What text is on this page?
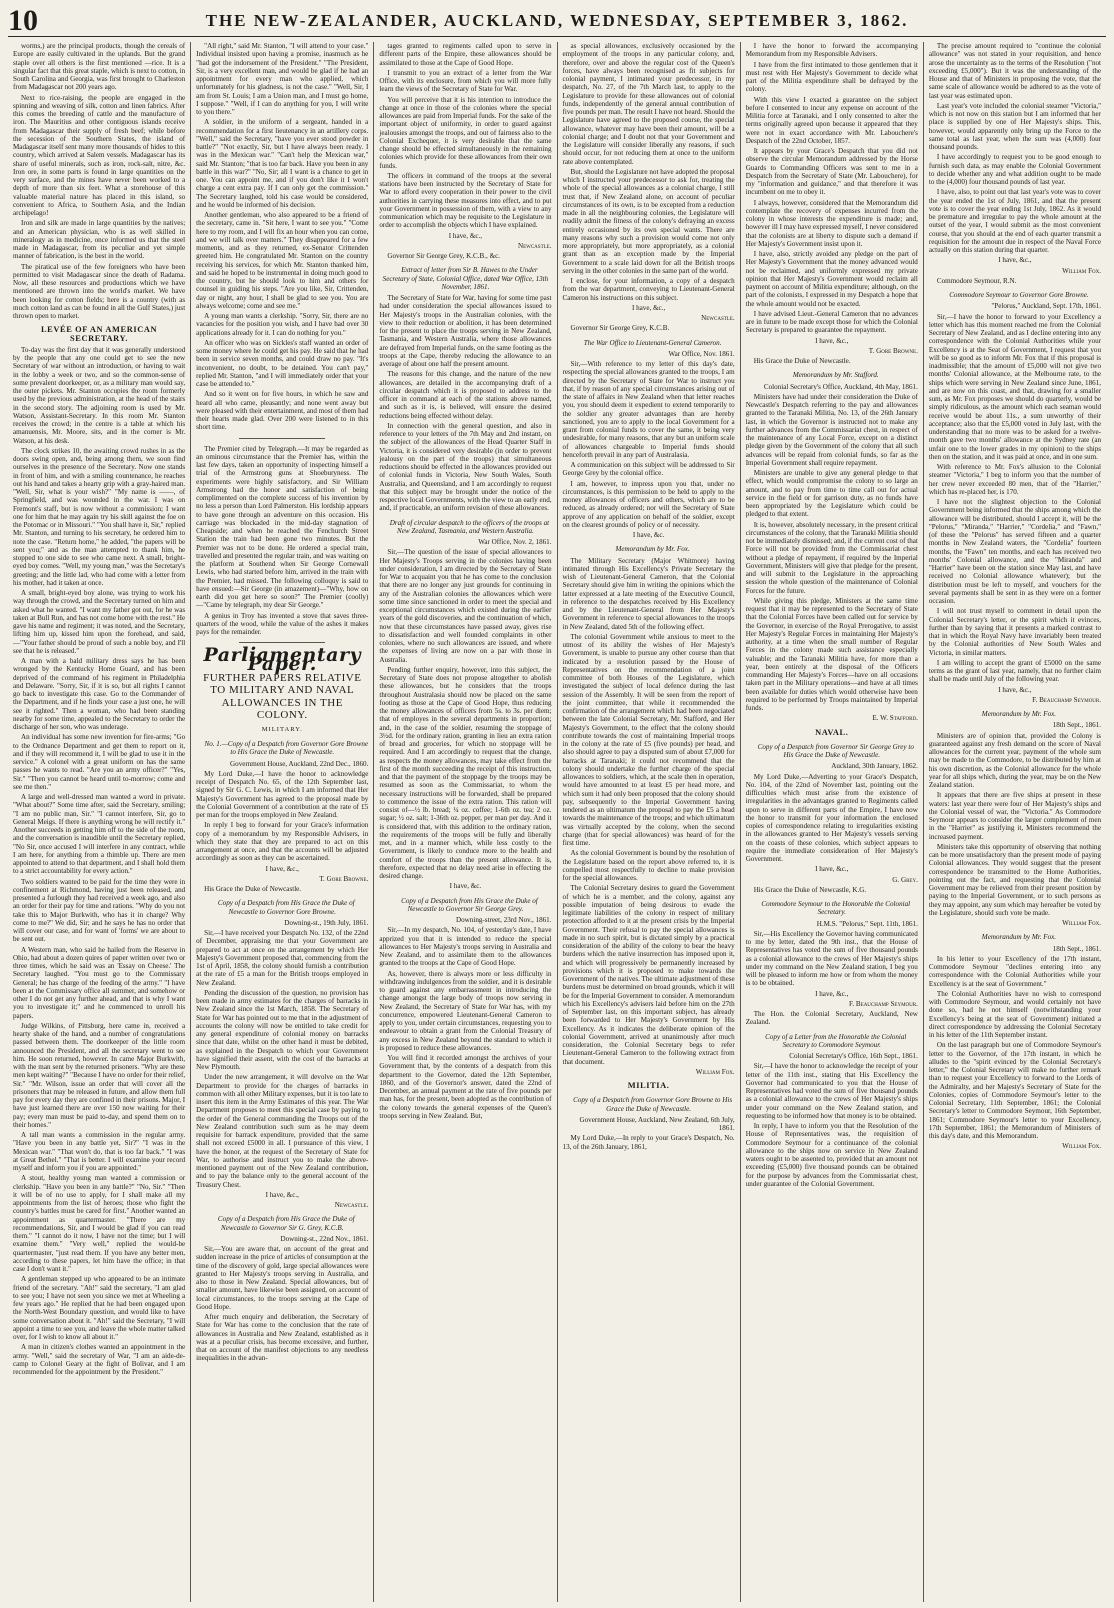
10	THE NEW-ZEALANDER, AUCKLAND, WEDNESDAY, SEPTEMBER 3, 1862.

worms,) are the principal products, though the cereals of Europe are easily cultivated in the uplands. But the grand staple over all others is the first mentioned —rice. It is a singular fact that this great staple, which is next to cotton, in South Carolina and Georgia, was first brought to Charleston from Madagascar not 200 years ago.

Next to rice-raising, the people are engaged in the spinning and weaving of silk, cotton and linen fabrics. After this comes the breeding of cattle and the manufacture of iron. The Mauritius and other contiguous islands receive from Madagascar their supply of fresh beef; while before the secession of the Southern States, the island of Madagascar itself sent many more thousands of hides to this country, which arrived at Salem vessels. Madagascar has its share of useful minerals, such as iron, rock-salt, nitre, &c. Iron ore, in some parts is found in large quantities on the very surface, and the mines have never been worked to a depth of more than six feet. What a storehouse of this valuable material nature has placed in this island, so convenient to Africa, to Southern Asia, and the Indian archipelago!

Iron and silk are made in large quantities by the natives; and an American physician, who is as well skilled in mineralogy as in medicine, once informed us that the steel made in Madagascar, from its peculiar and yet simple manner of fabrication, is the best in the world.

The piratical use of the few foreigners who have been permitted to visit Madagascar since the death of Radama. Now, all these resources and productions which we have mentioned are thrown into the world's market. We have been looking for cotton fields; here is a country (with as much cotton land as can be found in all the Gulf States,) just thrown open to market.

LEVÉE OF AN AMERICAN SECRETARY.

To-day was the first day that it was generally understood by the people that any one could get to see the new Secretary of war without an introduction, or having to wait in the lobby a week or two, and so the common-sense of some prevalent doorkeeper, or, as a military man would say, the outer pickets. Mr. Stanton occupies the room formerly used by the previous administration, at the head of the stairs in the second story. The adjoining room is used by Mr. Watson, Assistant-Secretary. In this room Mr. Stanton receives the crowd; in the centre is a table at which his amanuensis, Mr. Moore, sits, and in the corner is Mr. Watson, at his desk.

The clock strikes 10, the awaiting crowd rushes in as the doors swing open, and, being among them, we soon find ourselves in the presence of the Secretary. Now one stands in front of him, and with a smiling countenance, he reaches out his hand and takes a hearty grip with a gray-haired man. "Well, Sir, what is your wish?" "My name is ——, of Springfield, and was wounded in the war. I was on Fremont's staff, but is now without a commission; I want one for him that he may again try his skill against the foe on the Potomac or in Missouri." "You shall have it, Sir," replied Mr. Stanton, and turning to his secretary, he ordered him to note the case. "Return home," he added, "the papers will be sent you;" and as the man attempted to thank him, he stopped to one side to see who came next. A small, bright-eyed boy comes. "Well, my young man," was the Secretary's greeting; and the little lad, who had come with a letter from his mother, had it taken at once.

A small, bright-eyed boy alone, was trying to work his way through the crowd, and the Secretary turned on him and asked what he wanted. "I want my father got out, for he was taken at Bull Run, and has not come home with the rest." He gave his name and regiment; it was noted, and the Secretary, lifting him up, kissed him upon the forehead, and said,—"Your father should be proud of such a noble boy, and I'll see that he is released."

A man with a bald military dress says he has been wronged by the Kentucky Home Guard, and has been deprived of the command of his regiment in Philadelphia and Delaware. "Sorry, Sir, if it is so, but all rights I cannot go back to investigate this case. Go to the Commander of the Department, and if he finds your case a just one, he will see it righted." Then a woman, who had been standing nearby for some time, appealed to the Secretary to order the discharge of her son, who was underage.

An individual has some new invention for fire-arms; "Go to the Ordnance Department and get them to report on it, and if they will recommend it, I will be glad to use it in the service." A colonel with a great uniform on has the same passes he wants to read. "Are you an army officer?" "Yes, Sir." "Then you cannot be heard until to-morrow; come and see me then."

A large and well-dressed man wanted a word in private. "What about?" Some time after, said the Secretary, smiling; "I am no public man, Sir." "I cannot interfere, Sir, go to General Meigs. If there is anything wrong he will rectify it." Another succeeds in getting him off to the side of the room, and the conversation is inaudible until the Secretary replied, "No Sir, once accused I will interfere in any contract, while I am here, for anything from a thimble up. There are men appointed to attend to that department, and I shall hold them to a strict accountability for every action."

Two soldiers wanted to be paid for the time they were in confinement at Richmond, having just been released, and presented a furlough they had received a week ago, and also an order for their pay for time and rations. "Why do you not take this to Major Burkwith, who has it in charge? Why come to me?" We did, Sir; and he says he has no order that will cover our case, and for want of 'forms' we are about to be sent out.

A Western man, who said he hailed from the Reserve in Ohio, had about a dozen quires of paper written over two or three times, which he said was an 'Essay on Cheese.' The Secretary laughed. "You must go to the Commissary General; he has charge of the feeding of the army." "I have been at the Commissary office all summer, and somehow or other I do not get any further ahead, and that is why I want you to investigate it;" and he commenced to unroll his papers.

Judge Wilkins, of Pittsburg, here came in, received a hearty shake of the hand, and a number of congratulations passed between them. The doorkeeper of the little room announced the President, and all the secretary went to see him. He soon returned, however. In came Major Burkwith, with the man sent by the returned prisoners. "Why are these men kept waiting?" "Because I have no order for their relief, Sir." "Mr. Wilson, issue an order that will cover all the prisoners that may be released in future, and allow them full pay for every day they are confined in their prisons. Major, I have just learned there are over 150 now waiting for their pay; every man must be paid to-day, and spend them on to their homes."

A tall man wants a commission in the regular army. "Have you been in any battle yet, Sir?" "I was in the Mexican war." "That won't do, that is too far back." "I was at Great Bethel." "That is better. I will examine your record myself and inform you if you are appointed."

A stout, healthy young man wanted a commission or clerkship. "Have you been in any battle?" "No, Sir." "Then it will be of no use to apply, for I shall make all my appointments from the list of heroes; those who fight the country's battles must be cared for first." Another wanted an appointment as quartermaster. "There are my recommendations, Sir, and I would be glad if you can read them." "I cannot do it now, I have not the time; but I will examine them." "Very well," replied the would-be quartermaster, "just read them. If you have any better men, according to these papers, let him have the office; in that case I don't want it."

A gentleman stepped up who appeared to be an intimate friend of the secretary. "Ah!" said the secretary, "I am glad to see you; I have not seen you since we met at Wheeling a few years ago." He replied that he had been engaged upon the North-West Boundary question, and would like to have some conversation about it. "Ah!" said the Secretary, "I will appoint a time to see you, and leave the whole matter talked over, for I wish to know all about it."

A man in citizen's clothes wanted an appointment in the army. "Well," said the secretary of War, "I am an aide-de-camp to Colonel Geary at the fight of Bolivar, and I am recommended for the appointment by the President."

"All right," said Mr. Stanton, "I will attend to your case." Individual insisted upon having a promise, inasmuch as he "had got the indorsement of the President." "The President, Sir, is a very excellent man, and would be glad if he had an appointment for every man who applied, which unfortunately for his gladness, is not the case." "Well, Sir, I am from St. Louis; I am a Union man, and I must go home, I suppose." "Well, if I can do anything for you, I will write to you there."

A soldier, in the uniform of a sergeant, handed in a recommendation for a first lieutenancy in an artillery corps. "Well," said the Secretary, "have you ever stood powder in battle?" "Not exactly, Sir, but I have always been ready. I was in the Mexican war." "Can't help the Mexican war," said Mr. Stanton; "that is too far back. Have you been in any battle in this war?" "No, Sir; all I want is a chance to get in one. You can appoint me, and if you don't like it I won't charge a cent extra pay. If I can only get the commission." The Secretary laughed, told his case would be considered, and he would be informed of his decision.

Another gentleman, who also appeared to be a friend of the secretary, came in. "Sit here, I want to see you." "Come here to my room, and I will fix an hour when you can come, and we will talk over matters." They disappeared for a few moments, and as they returned, ex-Senator Crittenden greeted him. He congratulated Mr. Stanton on the country receiving his services, for which Mr. Stanton thanked him, and said he hoped to be instrumental in doing much good to the country, but he should look to him and others for counsel in guiding his steps. "Are you like, Sir, Crittenden, day or night, any hour, I shall be glad to see you. You are always welcome; come and see me."

A young man wants a clerkship. "Sorry, Sir, there are no vacancies for the position you wish, and I have had over 30 applications already for it. I can do nothing for you."

An officer who was on Sickles's staff wanted an order of some money where he could get his pay. He said that he had been in service seven months, and could draw no pay. "It's inconvenient, no doubt, to be detained. You can't pay," replied Mr. Stanton, "and I will immediately order that your case be attended to."

And so it went on for five hours, in which he saw and heard all who came, pleasantly; and none went away but were pleased with their entertainment, and most of them had their hearts made glad. Over 200 were listened to in this short time.

The Premier cited by Telegraph.—It may be regarded as an ominous circumstance that the Premier has, within the last few days, taken an opportunity of inspecting himself a trial of the Armstrong guns at Shoeburyness. The experiments were highly satisfactory, and Sir William Armstrong had the honor and satisfaction of being complimented on the complete success of his invention by no less a person than Lord Palmerston. His lordship appears to have gone through an adventure on this occasion. His carriage was blockaded in the mid-day stagnation of Cheapside; and when he reached the Fenchurch Street Station the train had been gone two minutes. But the Premier was not to be done. He ordered a special train, travelled and presented the regular train, and was waiting on the platform at Southend when Sir George Cornewall Lewis, who had started before him, arrived in the train with the Premier, had missed. The following colloquy is said to have ensued:—Sir George (in amazement)—"Why, how on earth did you get here so soon?" The Premier (coolly)—"Came by telegraph, my dear Sir George."

A genius in Troy has invented a stove that saves three-quarters of the wood, while the value of the ashes it makes pays for the remainder.

Parliamentary Paper.
FURTHER PAPERS RELATIVE TO MILITARY AND NAVAL ALLOWANCES IN THE COLONY.
MILITARY.

No. 1.—Copy of a Despatch from Governor Gore Browne to His Grace the Duke of Newcastle.

Government House, Auckland, 22nd Dec., 1860.

My Lord Duke,—I have the honor to acknowledge receipt of Despatch No. 65, of the 12th September last, signed by Sir G. C. Lewis, in which I am informed that Her Majesty's Government has agreed to the proposal made by the Colonial Government of a contribution at the rate of £5 per man for the troops employed in New Zealand.

In reply I beg to forward for your Grace's information copy of a memorandum by my Responsible Advisers, in which they state that they are prepared to act on this arrangement at once, and that the accounts will be adjusted accordingly as soon as they can be ascertained.

I have, &c.,

T. Gore Browne.

His Grace the Duke of Newcastle.

Copy of a Despatch from His Grace the Duke of Newcastle to Governor Gore Browne.

Downing-st., 19th July, 1861.

Sir,—I have received your Despatch No. 132, of the 22nd of December, appraising me that your Government are prepared to act at once on the arrangement by which Her Majesty's Government proposed that, commencing from the 1st of April, 1858, the colony should furnish a contribution at the rate of £5 a man for the British troops employed in New Zealand.

Pending the discussion of the question, no provision has been made in army estimates for the charges of barracks in New Zealand since the 1st March, 1858. The Secretary of State for War has pointed out to me that in the adjustment of accounts the colony will now be entitled to take credit for any general expenditure of colonial money on barracks since that date, whilst on the other hand it must be debited, as explained in the Despatch to which your Government have signified their assent, with the cost of the barracks at New Plymouth.

Under the new arrangement, it will devolve on the War Department to provide for the charges of barracks in common with all other Military expenses, but it is too late to insert this item in the Army Estimates of this year. The War Department proposes to meet this special case by paying to the order of the General commanding the Troops out of the New Zealand contribution such sum as he may deem requisite for barrack expenditure, provided that the same shall not exceed £5000 in all. I pursuance of this view, I have the honor, at the request of the Secretary of State for War, to authorise and instruct you to make the above-mentioned payment out of the New Zealand contribution, and to pay the balance only to the general account of the Treasury Chest.

I have, &c.,

Newcastle.

Copy of a Despatch from His Grace the Duke of Newcastle to Governor Sir G. Grey, K.C.B.

Downing-st., 22nd Nov., 1861.

Sir,—You are aware that, on account of the great and sudden increase in the price of articles of consumption at the time of the discovery of gold, large special allowances were granted to Her Majesty's troops serving in Australia, and also to those in New Zealand. Special allowances, but of smaller amount, have likewise been assigned, on account of local circumstances, to the troops serving at the Cape of Good Hope.

After much enquiry and deliberation, the Secretary of State for War has come to the conclusion that the rate of allowances in Australia and New Zealand, established as it was at a peculiar crisis, has become excessive, and further, that on account of the manifest objections to any needless inequalities in the advan-

tages granted to regiments called upon to serve in different parts of the Empire, these allowances should be assimilated to those at the Cape of Good Hope.

I transmit to you an extract of a letter from the War Office, with its enclosure, from which you will more fully learn the views of the Secretary of State for War.

You will perceive that it is his intention to introduce the change at once in those of the colonies where the special allowances are paid from Imperial funds. For the sake of the important object of uniformity, in order to guard against jealousies amongst the troops, and out of fairness also to the Colonial Exchequer, it is very desirable that the same change should be effected simultaneously in the remaining colonies which provide for these allowances from their own funds.

The officers in command of the troops at the several stations have been instructed by the Secretary of State for War to afford every cooperation in their power to the civil authorities in carrying these measures into effect, and to put your Government in possession of them, with a view to any communication which may be requisite to the Legislature in order to accomplish the objects which I have explained.

I have, &c.,

Newcastle.

Governor Sir George Grey, K.C.B., &c.

Extract of letter from Sir B. Hawes to the Under Secretary of State, Colonial Office, dated War Office, 13th November, 1861.

The Secretary of State for War, having for some time past had under consideration the special allowances issued to Her Majesty's troops in the Australian colonies, with the view to their reduction or abolition, it has been determined for the present to place the troops serving in New Zealand, Tasmania, and Western Australia, where those allowances are defrayed from Imperial funds, on the same footing as the troops at the Cape, thereby reducing the allowance to an average of about one half the present amount.

The reasons for this change, and the nature of the new allowances, are detailed in the accompanying draft of a circular despatch which it is proposed to address to the officer in command at each of the stations above named, and such as it is, is believed, will ensure the desired reductions being effected without delay.

In connection with the general question, and also in reference to your letters of the 7th May and 2nd instant, on the subject of the allowances of the Head Quarter Staff in Victoria, it is considered very desirable (in order to prevent jealousy on the part of the troops) that simultaneous reductions should be effected in the allowances provided out of colonial funds in Victoria, New South Wales, South Australia, and Queensland, and I am accordingly to request that this subject may be brought under the notice of the respective local Governments, with the view to an early end, and, if practicable, an uniform revision of these allowances.

Draft of circular despatch to the officers of the troops at New Zealand, Tasmania, and Western Australia.

War Office, Nov. 2, 1861.

Sir,—The question of the issue of special allowances to Her Majesty's Troops serving in the colonies having been under consideration, I am directed by the Secretary of State for War to acquaint you that he has come to the conclusion that there are no longer any just grounds for continuing in any of the Australian colonies the allowances which were some time since sanctioned in order to meet the special and exceptional circumstances which existed during the earlier years of the gold discoveries, and the continuation of which, now that these circumstances have passed away, gives rise to dissatisfaction and well founded complaints in other colonies, where no such allowances are issued, and where the expenses of living are now on a par with those in Australia.

Pending further enquiry, however, into this subject, the Secretary of State does not propose altogether to abolish these allowances, but he considers that the troops throughout Australasia should now be placed on the same footing as those at the Cape of Good Hope, thus reducing the money allowances of officers from 5s. to 3s. per diem; that of employes in the several departments in proportion; and, in the case of the soldier, resuming the stoppage of 3½d. for the ordinary ration, granting in lieu an extra ration of bread and groceries, for which no stoppage will be required. And I am accordingly to request that the change, as respects the money allowances, may take effect from the first of the month succeeding the receipt of this instruction, and that the payment of the stoppage by the troops may be resumed as soon as the Commissariat, to whom the necessary instructions will be forwarded, shall be prepared to commence the issue of the extra ration. This ration will consist of—½ lb. bread; ¼ oz. coffee; 1-6th oz. tea; 2 oz. sugar; ½ oz. salt; 1-36th oz. pepper, per man per day. And it is considered that, with this addition to the ordinary ration, the requirements of the troops will be fully and liberally met, and in a manner which, while less costly to the Government, is likely to conduce more to the health and comfort of the troops than the present allowance. It is, therefore, expected that no delay need arise in effecting the desired change.

I have, &c.

Copy of a Despatch from His Grace the Duke of Newcastle to Governor Sir George Grey.

Downing-street, 23rd Nov., 1861.

Sir,—In my despatch, No. 104, of yesterday's date, I have apprized you that it is intended to reduce the special allowances to Her Majesty's troops serving in Australia and New Zealand, and to assimilate them to the allowances granted to the troops at the Cape of Good Hope.

As, however, there is always more or less difficulty in withdrawing indulgences from the soldier, and it is desirable to guard against any embarrassment in introducing the change amongst the large body of troops now serving in New Zealand, the Secretary of State for War has, with my concurrence, empowered Lieutenant-General Cameron to apply to you, under certain circumstances, requesting you to endeavour to obtain a grant from the Colonial Treasury of any excess in New Zealand beyond the standard to which it is proposed to reduce these allowances.

You will find it recorded amongst the archives of your Government that, by the contents of a despatch from this department to the Governor, dated the 12th September, 1860, and of the Governor's answer, dated the 22nd of December, an annual payment at the rate of five pounds per man has, for the present, been adopted as the contribution of the colony towards the general expenses of the Queen's troops serving in New Zealand. But,

as special allowances, exclusively occasioned by the employment of the troops in any particular colony, and, therefore, over and above the regular cost of the Queen's forces, have always been recognised as fit subjects for colonial payment, I intimated your predecessor, in my despatch, No. 27, of the 7th March last, to apply to the Legislature to provide for these allowances out of colonial funds, independently of the general annual contribution of five pounds per man. The result I have not heard. Should the Legislature have agreed to the proposed course, the special allowance, whatever may have been their amount, will be a colonial charge; and I doubt not that your Government and the Legislature will consider liberally any reasons, if such should occur, for not reducing them at once to the uniform rate above contemplated.

But, should the Legislature not have adopted the proposal which I instructed your predecessor to ask for, treating the whole of the special allowances as a colonial charge, I still trust that, if New Zealand alone, on account of peculiar circumstances of its own, is to be excepted from a reduction made in all the neighbouring colonies, the Legislature will readily admit the fitness of the colony's defraying an excess entirely occasioned by its own special wants. There are many reasons why such a provision would come not only more appropriately, but more appropriately, as a colonial grant than as an exception made by the Imperial Government to a scale laid down for all the British troops serving in the other colonies in the same part of the world.

I enclose, for your information, a copy of a despatch from the war department, conveying to Lieutenant-General Cameron his instructions on this subject.

I have, &c.,

Newcastle.

Governor Sir George Grey, K.C.B.

The War Office to Lieutenant-General Cameron.

War Office, Nov. 1861.

Sir,—With reference to my letter of this day's date, respecting the special allowances granted to the troops, I am directed by the Secretary of State for War to instruct you that, if by reason of any special circumstances arising out of the state of affairs in New Zealand when that letter reaches you, you should deem it expedient to extend temporarily to the soldier any greater advantages than are hereby sanctioned, you are to apply to the local Government for a grant from colonial funds to cover the same, it being very undesirable, for many reasons, that any but an uniform scale of allowances chargeable to Imperial funds should henceforth prevail in any part of Australasia.

A communication on this subject will be addressed to Sir George Grey by the colonial office.

I am, however, to impress upon you that, under no circumstances, is this permission to be held to apply to the money allowances of officers and others, which are to be reduced, as already ordered; nor will the Secretary of State approve of any application on behalf of the soldier, except on the clearest grounds of policy or of necessity.

I have, &c.

Memorandum by Mr. Fox.

The Military Secretary (Major Whitmore) having intimated through His Excellency's Private Secretary the wish of Lieutenant-General Cameron, that the Colonial Secretary should give him in writing the opinions which the latter expressed at a late meeting of the Executive Council, in reference to the despatches received by His Excellency and by the Lieutenant-General from Her Majesty's Government in reference to special allowances to the troops in New Zealand, dated 5th of the following effect.

The colonial Government while anxious to meet to the utmost of its ability the wishes of Her Majesty's Government, is unable to pursue any other course than that indicated by a resolution passed by the House of Representatives on the recommendation of a joint committee of both Houses of the Legislature, which investigated the subject of local defence during the last session of the Assembly. It will be seen from the report of the joint committee, that while it recommended the confirmation of the arrangement which had been negociated between the late Colonial Secretary, Mr. Stafford, and Her Majesty's Government, to the effect that the colony should contribute towards the cost of maintaining Imperial troops in the colony at the rate of £5 (five pounds) per head, and also should agree to pay a disputed sum of about £7,000 for barracks at Taranaki; it could not recommend that the colony should undertake the further charge of the special allowances to soldiers, which, at the scale then in operation, would have amounted to at least £5 per head more, and which sum it had only been proposed that the colony should pay, subsequently to the Imperial Government having tendered as an ultimatum the proposal to pay the £5 a head towards the maintenance of the troops; and which ultimatum was virtually accepted by the colony, when the second charge (that for special allowances) was heard of for the first time.

As the colonial Government is bound by the resolution of the Legislature based on the report above referred to, it is compelled most respectfully to decline to make provision for the special allowances.

The Colonial Secretary desires to guard the Government of which he is a member, and the colony, against any possible imputation of being desirous to evade the legitimate liabilities of the colony in respect of military protection afforded to it at the present crisis by the Imperial Government. Their refusal to pay the special allowances is made in no such spirit, but is dictated simply by a practical consideration of the ability of the colony to bear the heavy burdens which the native insurrection has imposed upon it, and which will progressively be permanently increased by provisions which it is proposed to make towards the Government of the natives. The ultimate adjustment of these burdens must be determined on broad grounds, which it will be for the Imperial Government to consider. A memorandum which his Excellency's advisers laid before him on the 27th of September last, on this important subject, has already been forwarded to Her Majesty's Government by His Excellency. As it indicates the deliberate opinion of the colonial Government, arrived at unanimously after much consideration, the Colonial Secretary begs to refer Lieutenant-General Cameron to the following extract from that document.

William Fox.

MILITIA.

Copy of a Despatch from Governor Gore Browne to His Grace the Duke of Newcastle.

Government House, Auckland, New Zealand, 6th July, 1861.

My Lord Duke,—In reply to your Grace's Despatch, No. 13, of the 26th January, 1861,

I have the honor to forward the accompanying Memorandum from my Responsible Advisers.

I have from the first intimated to those gentlemen that it must rest with Her Majesty's Government to decide what part of the Militia expenditure shall be defrayed by the colony.

With this view I exacted a guarantee on the subject before I consented to incur any expense on account of the Militia force at Taranaki, and I only consented to alter the terms originally agreed upon because it appeared that they were not in exact accordance with Mr. Labouchere's Despatch of the 22nd October, 1857.

It appears by your Grace's Despatch that you did not observe the circular Memorandum addressed by the Horse Guards to Commanding Officers was sent to me in a Despatch from the Secretary of State (Mr. Labouchere), for my "information and guidance," and that therefore it was incumbent on me to obey it.

I always, however, considered that the Memorandum did contemplate the recovery of expenses incurred from the colony in whose interests the expenditure is made; and, however ill I may have expressed myself, I never considered that the colonists are at liberty to dispute such a demand if Her Majesty's Government insist upon it.

I have, also, strictly avoided any pledge on the part of Her Majesty's Government that the money advanced would not be reclaimed, and uniformly expressed my private opinion that Her Majesty's Government would reclaim all payment on account of Militia expenditure; although, on the part of the colonists, I expressed in my Despatch a hope that the whole amount would not be exacted.

I have advised Lieut.-General Cameron that no advances are in future to be made except those for which the Colonial Secretary is prepared to guarantee the repayment.

I have, &c.,

T. Gore Browne.

His Grace the Duke of Newcastle.

Memorandum by Mr. Stafford.

Colonial Secretary's Office, Auckland, 4th May, 1861.

Ministers have had under their consideration the Duke of Newcastle's Despatch referring to the pay and allowances granted to the Taranaki Militia, No. 13, of the 26th January last, in which the Governor is instructed not to make any further advances from the Commissariat chest, in respect of the maintenance of any Local Force, except on a distinct pledge given by the Government of the colony that all such advances will be repaid from colonial funds, so far as the Imperial Government shall require repayment.

Ministers are unable to give any general pledge to that effect, which would compromise the colony to so large an amount, and to pay from time to time call out for actual service in the field or for garrison duty, as no funds have been appropriated by the Legislature which could be pledged to that extent.

It is, however, absolutely necessary, in the present critical circumstances of the colony, that the Taranaki Militia should not be immediately dismissed; and, if the current cost of that Force will not be provided from the Commissariat chest without a pledge of repayment, if required by the Imperial Government, Ministers will give that pledge for the present, and will submit to the Legislature in the approaching session the whole question of the maintenance of Colonial Forces for the future.

While giving this pledge, Ministers at the same time request that it may be represented to the Secretary of State that the Colonial Forces have been called out for service by the Governor, in exercise of the Royal Prerogative, to assist Her Majesty's Regular Forces in maintaining Her Majesty's authority, at a time when the small number of Regular Forces in the colony made such assistance especially valuable; and the Taranaki Militia have, for more than a year, been entirely at the disposal of the Officers commanding Her Majesty's Forces—have on all occasions taken part in the Military operations—and have at all times been available for duties which would otherwise have been required to be performed by Troops maintained by Imperial funds.

E. W. Stafford.

NAVAL.

Copy of a Despatch from Governor Sir George Grey to His Grace the Duke of Newcastle.

Auckland, 30th January, 1862.

My Lord Duke,—Adverting to your Grace's Despatch, No. 104, of the 22nd of November last, pointing out the difficulties which must arise from the existence of irregularities in the advantages granted to Regiments called upon to serve in different parts of the Empire, I have now the honor to transmit for your information the enclosed copies of correspondence relating to irregularities existing in the allowances granted to Her Majesty's vessels serving on the coasts of these colonies, which subject appears to require the immediate consideration of Her Majesty's Government.

I have, &c.,

G. Grey.

His Grace the Duke of Newcastle, K.G.

Commodore Seymour to the Honorable the Colonial Secretary.

H.M.S. "Pelorus," Sept. 11th, 1861.

Sir,—His Excellency the Governor having communicated to me by letter, dated the 9th inst., that the House of Representatives has voted the sum of five thousand pounds as a colonial allowance to the crews of Her Majesty's ships under my command on the New Zealand station, I beg you will be pleased to inform me how or from whom the money is to be obtained.

I have, &c.,

F. Beauchamp Seymour.

The Hon. the Colonial Secretary, Auckland, New Zealand.

Copy of a Letter from the Honorable the Colonial Secretary to Commodore Seymour.

Colonial Secretary's Office, 16th Sept., 1861.

Sir,—I have the honor to acknowledge the receipt of your letter of the 11th inst., stating that His Excellency the Governor had communicated to you that the House of Representatives had voted the sum of five thousand pounds as a colonial allowance to the crews of Her Majesty's ships under your command on the New Zealand station, and requesting to be informed how that money is to be obtained.

In reply, I have to inform you that the Resolution of the House of Representatives was, the requisition of Commodore Seymour for a continuance of the colonial allowance to the ships now on service in New Zealand waters ought to be assented to, provided that an amount not exceeding (£5,000) five thousand pounds can be obtained for the purpose by advances from the Commissariat chest, under guarantee of the Colonial Government.

The precise amount required to "continue the colonial allowance" was not stated in your requisition, and hence arose the uncertainty as to the terms of the Resolution ("not exceeding £5,000"). But it was the understanding of the House and that of Ministers in proposing the vote, that the same scale of allowance would be adhered to as the vote of last year was estimated upon.

Last year's vote included the colonial steamer "Victoria," which is not now on this station but I am informed that her place is supplied by one of Her Majesty's ships. This, however, would apparently only bring up the Force to the same total as last year, when the sum was (4,000) four thousand pounds.

I have accordingly to request you to be good enough to furnish such data, as may enable the Colonial Government to decide whether any and what addition ought to be made to the (4,000) four thousand pounds of last year.

I have, also, to point out that last year's vote was to cover the year ended the 1st of July, 1861, and that the present vote is to cover the year ending 1st July, 1862. As it would be premature and irregular to pay the whole amount at the outset of the year, I would submit as the most convenient course, that you should at the end of each quarter transmit a requisition for the amount due in respect of the Naval Force actually on this station during that quarter.

I have, &c.,

William Fox.

Commodore Seymour, R.N.

Commodore Seymour to Governor Gore Browne.

"Pelorus," Auckland, Sept. 17th, 1861.

Sir,—I have the honor to forward to your Excellency a letter which has this moment reached me from the Colonial Secretary of New Zealand, and as I decline entering into any correspondence with the Colonial Authorities while your Excellency is at the Seat of Government, I request that you will be so good as to inform Mr. Fox that if this proposal is inadmissible; that the amount of £5,000 will not give two months' Colonial allowance, at the Melbourne rate, to the ships which were serving in New Zealand since June, 1861, and are now on this coast, and that, drawing for a smaller sum, as Mr. Fox proposes we should do quarterly, would be simply ridiculous, as the amount which each seaman would receive would be about 11s., a sum unworthy of their acceptance; also that the £5,000 voted in July last, with the understanding that no more was to be asked for a twelve-month gave two months' allowance at the Sydney rate (an unfair one to the lower grades in my opinion) to the ships then on the station, and it was paid at once, and in one sum.

With reference to Mr. Fox's allusion to the Colonial steamer "Victoria," I beg to inform you that the number of her crew never exceeded 80 men, that of the "Harrier," which has re-placed her, is 170.

I have not the slightest objection to the Colonial Government being informed that the ships among which the allowance will be distributed, should I accept it, will be the "Pelorus," "Miranda," "Harrier," "Cordelia," and "Fawn," (of these the "Pelorus" has served fifteen and a quarter months in New Zealand waters, the "Cordelia" fourteen months, the "Fawn" ten months, and each has received two months' Colonial allowance, and the "Miranda" and "Harrier" have been on the station since May last, and have received no Colonial allowance whatever); but the distribution must be left to myself, and vouchers for the several payments shall be sent in as they were on a former occasion.

I will not trust myself to comment in detail upon the Colonial Secretary's letter, or the spirit which it evinces, further than by saying that it presents a marked contrast to that in which the Royal Navy have invariably been treated by the Colonial authorities of New South Wales and Victoria, in similar matters.

I am willing to accept the grant of £5000 on the same terms as the grant of last year, namely, that no further claim shall be made until July of the following year.

I have, &c.,

F. Beauchamp Seymour.

Memorandum by Mr. Fox.

18th Sept., 1861.

Ministers are of opinion that, provided the Colony is guaranteed against any fresh demand on the score of Naval allowances for the current year, payment of the whole sum may be made to the Commodore, to be distributed by him at his own discretion, as the Colonial allowance for the whole year for all ships which, during the year, may be on the New Zealand station.

It appears that there are five ships at present in these waters: last year there were four of Her Majesty's ships and the Colonial vessel of war, the "Victoria." As Commodore Seymour appears to consider the larger complement of men in the "Harrier" as justifying it, Ministers recommend the increased payment.

Ministers take this opportunity of observing that nothing can be more unsatisfactory than the present mode of paying Colonial allowances. They would suggest that the present correspondence be transmitted to the Home Authorities, pointing out the fact, and requesting that the Colonial Government may be relieved from their present position by paying to the Imperial Government, or to such persons as they may appoint, any sum which may hereafter be voted by the Legislature, should such vote be made.

William Fox.

Memorandum by Mr. Fox.

18th Sept., 1861.

In his letter to your Excellency of the 17th instant, Commodore Seymour "declines entering into any correspondence with the Colonial Authorities while your Excellency is at the seat of Government."

The Colonial Authorities have no wish to correspond with Commodore Seymour, and would certainly not have done so, had he not himself (notwithstanding your Excellency's being at the seat of Government) initiated a direct correspondence by addressing the Colonial Secretary in his letter of the 11th September instant.

On the last paragraph but one of Commodore Seymour's letter to the Governor, of the 17th instant, in which he alludes to the "spirit evinced by the Colonial Secretary's letter," the Colonial Secretary will make no further remark than to request your Excellency to forward to the Lords of the Admiralty, and her Majesty's Secretary of State for the Colonies, copies of Commodore Seymour's letter to the Colonial Secretary, 11th September, 1861; the Colonial Secretary's letter to Commodore Seymour, 16th September, 1861; Commodore Seymour's letter to your Excellency, 17th September, 1861; the Memorandum of Ministers of this day's date, and this Memorandum.

William Fox.
